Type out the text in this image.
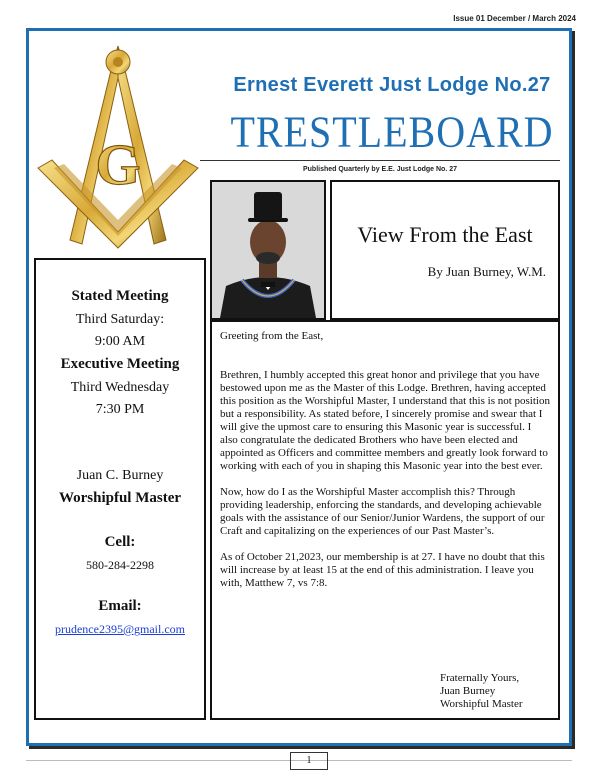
Issue 01 December / March 2024
G
Ernest Everett Just Lodge No.27
TRESTLEBOARD
Published Quarterly by E.E. Just Lodge No. 27
Stated Meeting
Third Saturday:
9:00 AM
Executive Meeting
Third Wednesday
7:30 PM
Juan C. Burney
Worshipful Master
Cell:
580-284-2298
Email:
prudence2395@gmail.com
View From the East
By Juan Burney, W.M.

Greeting from the East,

Brethren, I humbly accepted this great honor and privilege that you have bestowed upon me as the Master of this Lodge. Brethren, having accepted this position as the Worshipful Master, I understand that this is not position but a responsibility. As stated before, I sincerely promise and swear that I will give the upmost care to ensuring this Masonic year is successful. I also congratulate the dedicated Brothers who have been elected and appointed as Officers and committee members and greatly look forward to working with each of you in shaping this Masonic year into the best ever.

Now, how do I as the Worshipful Master accomplish this? Through providing leadership, enforcing the standards, and developing achievable goals with the assistance of our Senior/Junior Wardens, the support of our Craft and capitalizing on the experiences of our Past Master’s.

As of October 21,2023, our membership is at 27. I have no doubt that this will increase by at least 15 at the end of this administration. I leave you with, Matthew 7, vs 7:8.

Fraternally Yours,
Juan Burney
Worshipful Master
1
